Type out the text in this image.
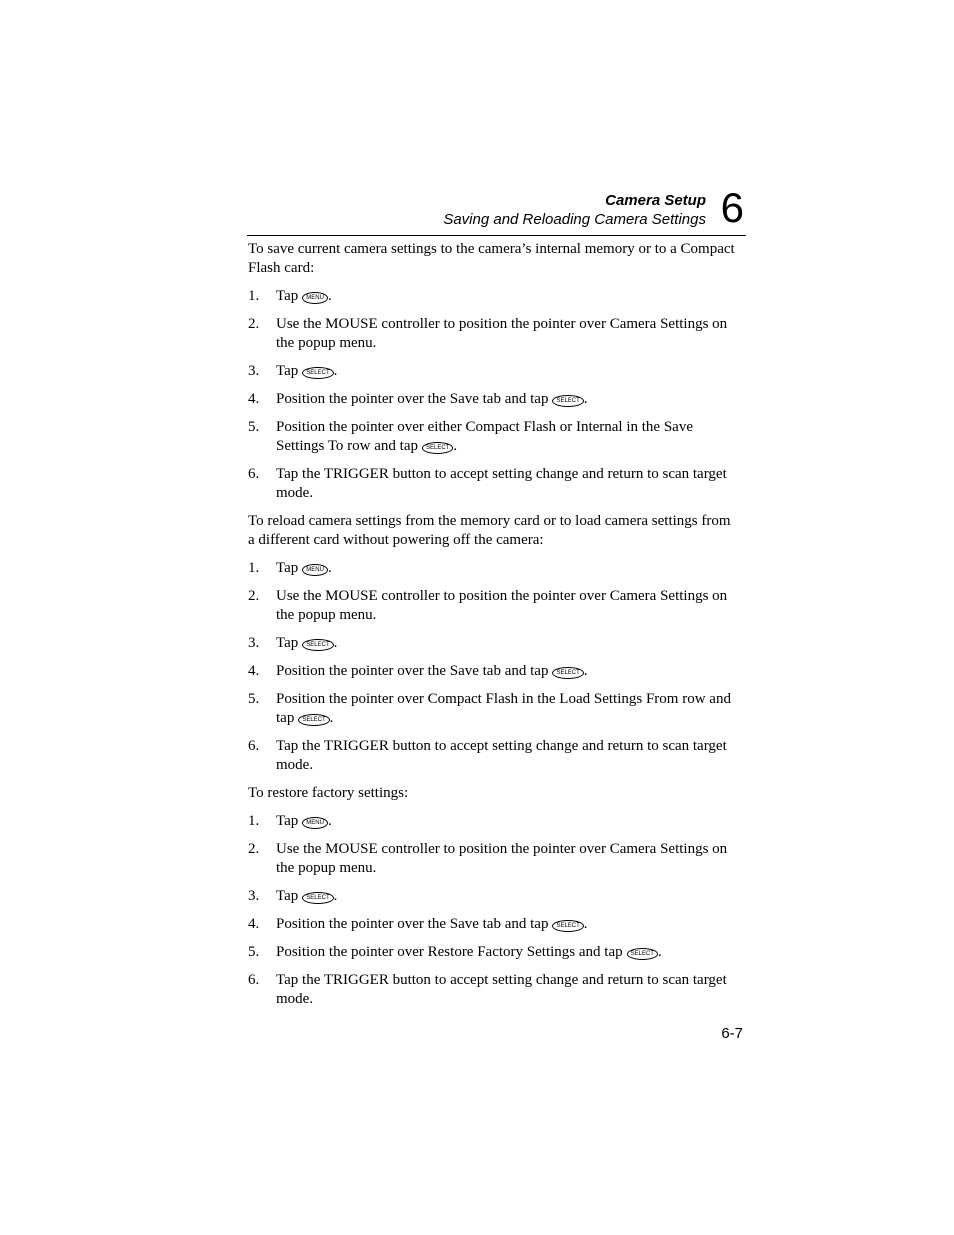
Camera Setup
Saving and Reloading Camera Settings 6

To save current camera settings to the camera’s internal memory or to a Compact Flash card:

1. Tap MENU .
2. Use the MOUSE controller to position the pointer over Camera Settings on the popup menu.
3. Tap SELECT .
4. Position the pointer over the Save tab and tap SELECT .
5. Position the pointer over either Compact Flash or Internal in the Save Settings To row and tap SELECT .
6. Tap the TRIGGER button to accept setting change and return to scan target mode.

To reload camera settings from the memory card or to load camera settings from a different card without powering off the camera:

1. Tap MENU .
2. Use the MOUSE controller to position the pointer over Camera Settings on the popup menu.
3. Tap SELECT .
4. Position the pointer over the Save tab and tap SELECT .
5. Position the pointer over Compact Flash in the Load Settings From row and tap SELECT .
6. Tap the TRIGGER button to accept setting change and return to scan target mode.

To restore factory settings:

1. Tap MENU .
2. Use the MOUSE controller to position the pointer over Camera Settings on the popup menu.
3. Tap SELECT .
4. Position the pointer over the Save tab and tap SELECT .
5. Position the pointer over Restore Factory Settings and tap SELECT .
6. Tap the TRIGGER button to accept setting change and return to scan target mode.
6-7
